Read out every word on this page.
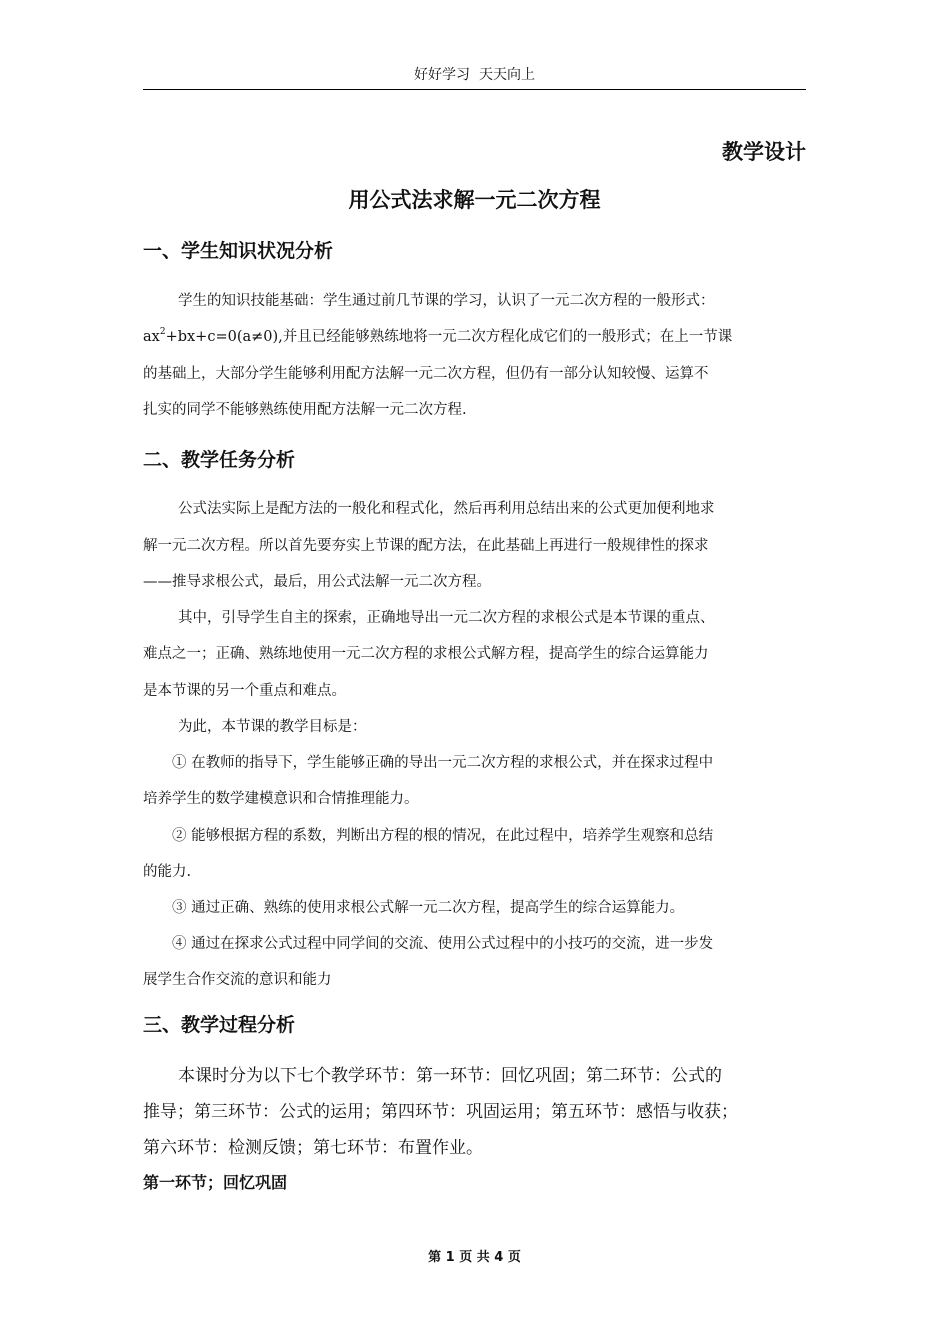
好好学习  天天向上
教学设计
用公式法求解一元二次方程
一、学生知识状况分析
学生的知识技能基础：学生通过前几节课的学习，认识了一元二次方程的一般形式：
$ax^2+bx+c=0(a\ne 0)$,并且已经能够熟练地将一元二次方程化成它们的一般形式；在上一节课
的基础上，大部分学生能够利用配方法解一元二次方程，但仍有一部分认知较慢、运算不
扎实的同学不能够熟练使用配方法解一元二次方程.
二、教学任务分析
公式法实际上是配方法的一般化和程式化，然后再利用总结出来的公式更加便利地求
解一元二次方程。所以首先要夯实上节课的配方法，在此基础上再进行一般规律性的探求
——推导求根公式，最后，用公式法解一元二次方程。
其中，引导学生自主的探索，正确地导出一元二次方程的求根公式是本节课的重点、
难点之一；正确、熟练地使用一元二次方程的求根公式解方程，提高学生的综合运算能力
是本节课的另一个重点和难点。
为此，本节课的教学目标是：
① 在教师的指导下，学生能够正确的导出一元二次方程的求根公式，并在探求过程中
培养学生的数学建模意识和合情推理能力。
② 能够根据方程的系数，判断出方程的根的情况，在此过程中，培养学生观察和总结
的能力.
③ 通过正确、熟练的使用求根公式解一元二次方程，提高学生的综合运算能力。
④ 通过在探求公式过程中同学间的交流、使用公式过程中的小技巧的交流，进一步发
展学生合作交流的意识和能力
三、教学过程分析
本课时分为以下七个教学环节：第一环节：回忆巩固；第二环节：公式的
推导；第三环节：公式的运用；第四环节：巩固运用；第五环节：感悟与收获；
第六环节：检测反馈；第七环节：布置作业。
第一环节；回忆巩固
第 1 页 共 4 页
